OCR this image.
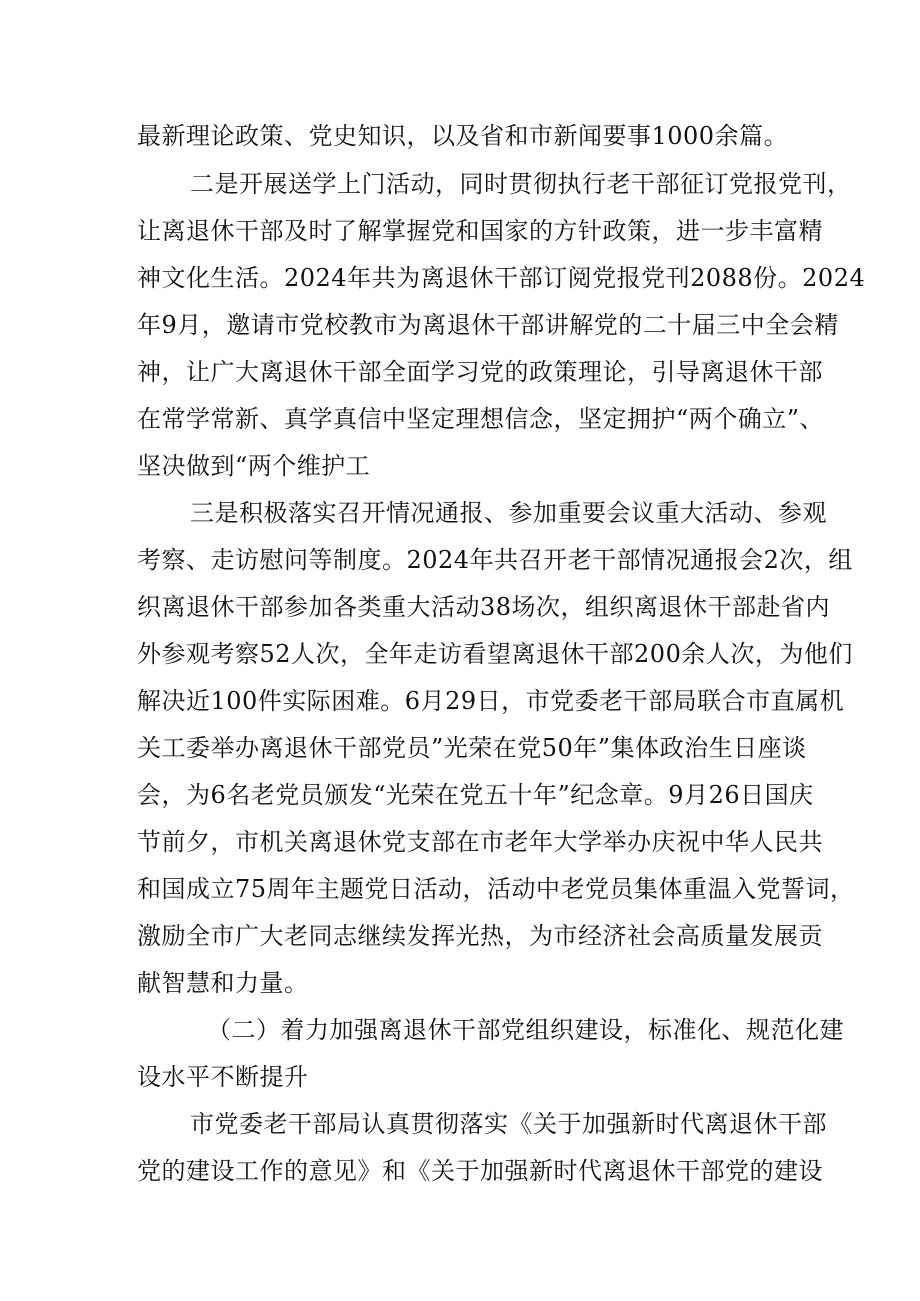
最新理论政策、党史知识，以及省和市新闻要事1000余篇。
二是开展送学上门活动，同时贯彻执行老干部征订党报党刊，
让离退休干部及时了解掌握党和国家的方针政策，进一步丰富精
神文化生活。2024年共为离退休干部订阅党报党刊2088份。2024
年9月，邀请市党校教市为离退休干部讲解党的二十届三中全会精
神，让广大离退休干部全面学习党的政策理论，引导离退休干部
在常学常新、真学真信中坚定理想信念，坚定拥护“两个确立”、
坚决做到“两个维护工
三是积极落实召开情况通报、参加重要会议重大活动、参观
考察、走访慰问等制度。2024年共召开老干部情况通报会2次，组
织离退休干部参加各类重大活动38场次，组织离退休干部赴省内
外参观考察52人次，全年走访看望离退休干部200余人次，为他们
解决近100件实际困难。6月29日，市党委老干部局联合市直属机
关工委举办离退休干部党员”光荣在党50年”集体政治生日座谈
会，为6名老党员颁发“光荣在党五十年”纪念章。9月26日国庆
节前夕，市机关离退休党支部在市老年大学举办庆祝中华人民共
和国成立75周年主题党日活动，活动中老党员集体重温入党誓词，
激励全市广大老同志继续发挥光热，为市经济社会高质量发展贡
献智慧和力量。
（二）着力加强离退休干部党组织建设，标准化、规范化建
设水平不断提升
市党委老干部局认真贯彻落实《关于加强新时代离退休干部
党的建设工作的意见》和《关于加强新时代离退休干部党的建设
